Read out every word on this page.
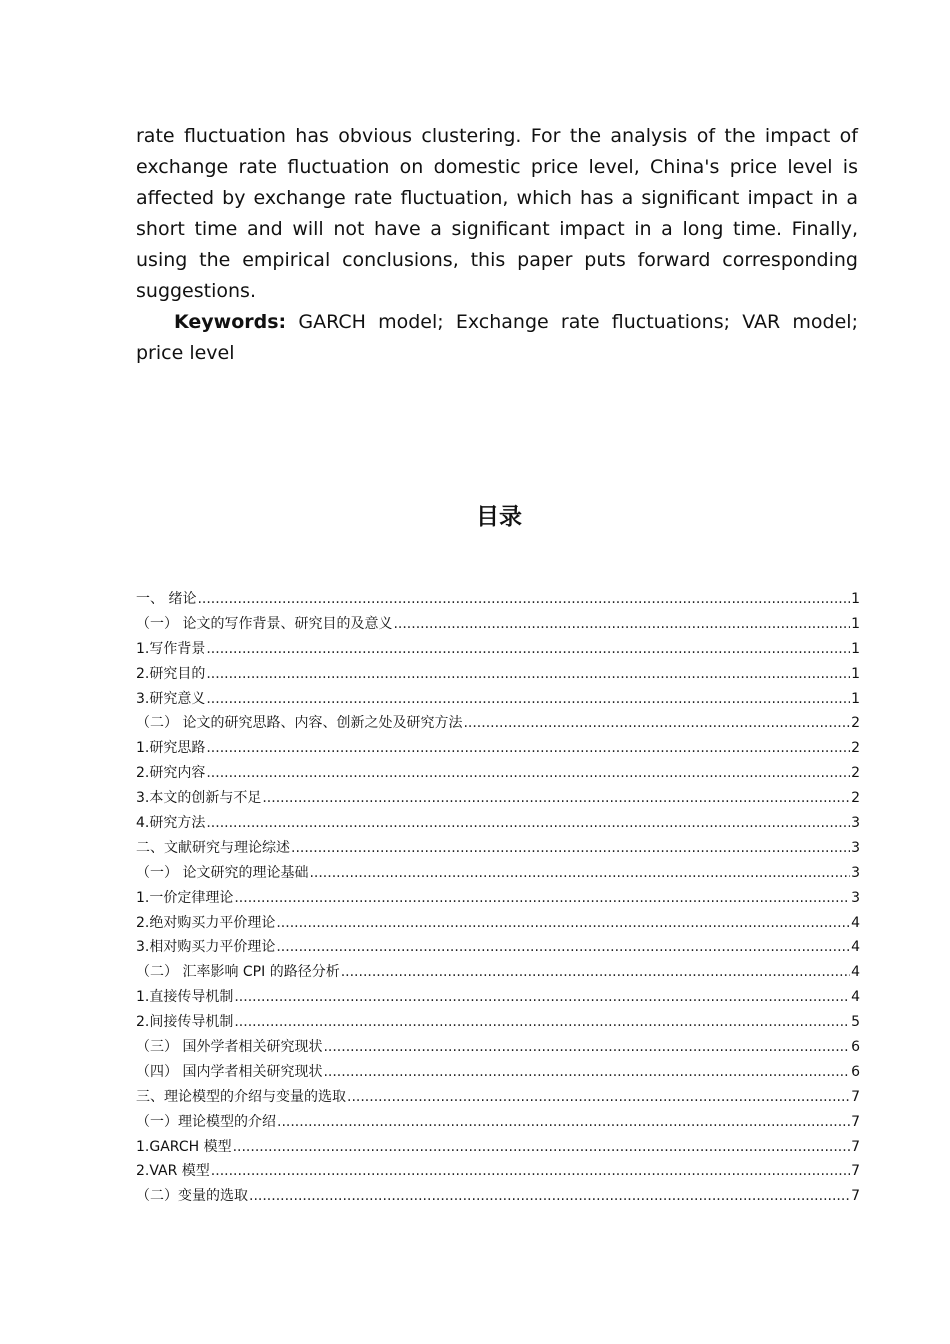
rate fluctuation has obvious clustering. For the analysis of the impact of exchange rate fluctuation on domestic price level, China's price level is affected by exchange rate fluctuation, which has a significant impact in a short time and will not have a significant impact in a long time. Finally, using the empirical conclusions, this paper puts forward corresponding suggestions.

Keywords: GARCH model; Exchange rate fluctuations; VAR model; price level

目录
一、 绪论 .....	1
（一） 论文的写作背景、研究目的及意义 .....	1
1.写作背景 .....	1
2.研究目的 .....	1
3.研究意义 .....	1
（二） 论文的研究思路、内容、创新之处及研究方法 .....	2
1.研究思路 .....	2
2.研究内容 .....	2
3.本文的创新与不足 .....	2
4.研究方法 .....	3
二、文献研究与理论综述 .....	3
（一） 论文研究的理论基础 .....	3
1.一价定律理论 .....	3
2.绝对购买力平价理论 .....	4
3.相对购买力平价理论 .....	4
（二） 汇率影响 CPI 的路径分析 .....	4
1.直接传导机制 .....	4
2.间接传导机制 .....	5
（三） 国外学者相关研究现状 .....	6
（四） 国内学者相关研究现状 .....	6
三、理论模型的介绍与变量的选取 .....	7
（一）理论模型的介绍 .....	7
1.GARCH 模型 .....	7
2.VAR 模型 .....	7
（二）变量的选取 .....	7
